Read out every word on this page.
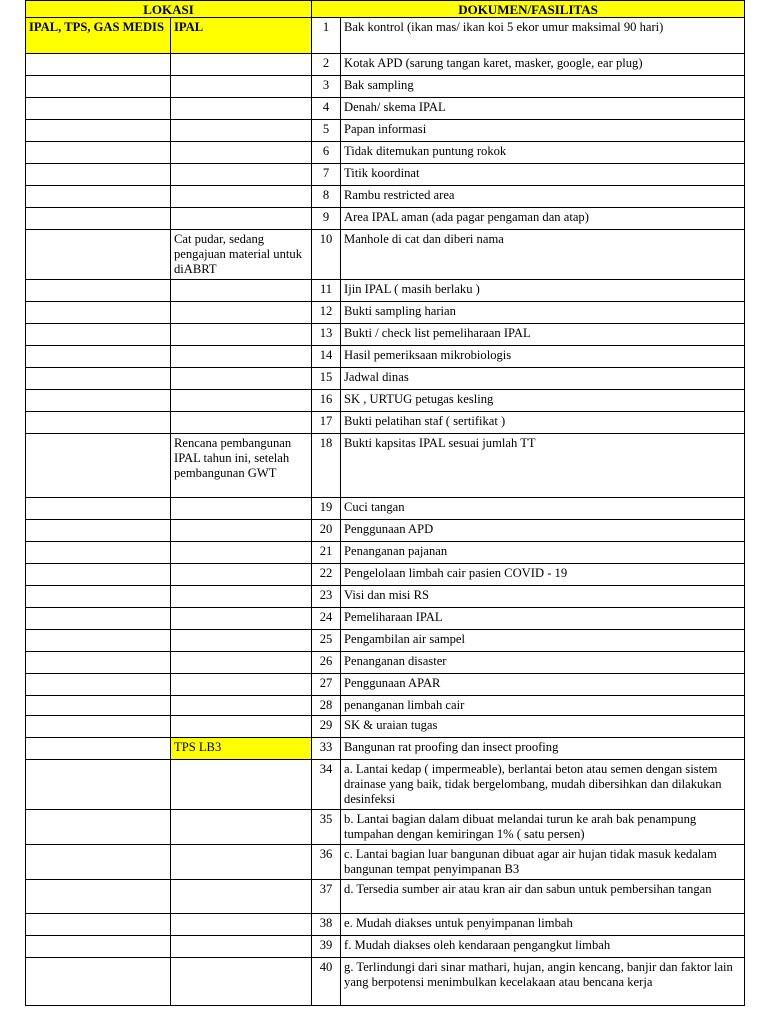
LOKASI		DOKUMEN/FASILITAS	
IPAL, TPS, GAS MEDIS	IPAL	1	Bak kontrol (ikan mas/ ikan koi 5 ekor umur maksimal 90 hari)
		2	Kotak APD (sarung tangan karet, masker, google, ear plug)
		3	Bak sampling
		4	Denah/ skema IPAL
		5	Papan informasi
		6	Tidak ditemukan puntung rokok
		7	Titik koordinat
		8	Rambu restricted area
		9	Area IPAL aman (ada pagar pengaman dan atap)
	Cat pudar, sedang pengajuan material untuk diABRT	10	Manhole di cat dan diberi nama
		11	Ijin IPAL ( masih berlaku )
		12	Bukti sampling harian
		13	Bukti / check list pemeliharaan IPAL
		14	Hasil pemeriksaan mikrobiologis
		15	Jadwal dinas
		16	SK , URTUG petugas kesling
		17	Bukti pelatihan staf ( sertifikat )
	Rencana pembangunan IPAL tahun ini, setelah pembangunan GWT	18	Bukti kapsitas IPAL sesuai jumlah TT
		19	Cuci tangan
		20	Penggunaan APD
		21	Penanganan pajanan
		22	Pengelolaan limbah cair pasien COVID - 19
		23	Visi dan misi RS
		24	Pemeliharaan IPAL
		25	Pengambilan air sampel
		26	Penanganan disaster
		27	Penggunaan APAR
		28	penanganan limbah cair
		29	SK & uraian tugas
	TPS LB3	33	Bangunan rat proofing dan insect proofing
		34	a. Lantai kedap ( impermeable), berlantai beton atau semen dengan sistem drainase yang baik, tidak bergelombang, mudah dibersihkan dan dilakukan desinfeksi
		35	b. Lantai bagian dalam dibuat melandai turun ke arah bak penampung tumpahan dengan kemiringan 1% ( satu persen)
		36	c. Lantai bagian luar bangunan dibuat agar air hujan tidak masuk kedalam bangunan tempat penyimpanan B3
		37	d. Tersedia sumber air atau kran air dan sabun untuk pembersihan tangan
		38	e. Mudah diakses untuk penyimpanan limbah
		39	f. Mudah diakses oleh kendaraan pengangkut limbah
		40	g. Terlindungi dari sinar mathari, hujan, angin kencang, banjir dan faktor lain yang berpotensi menimbulkan kecelakaan atau bencana kerja
